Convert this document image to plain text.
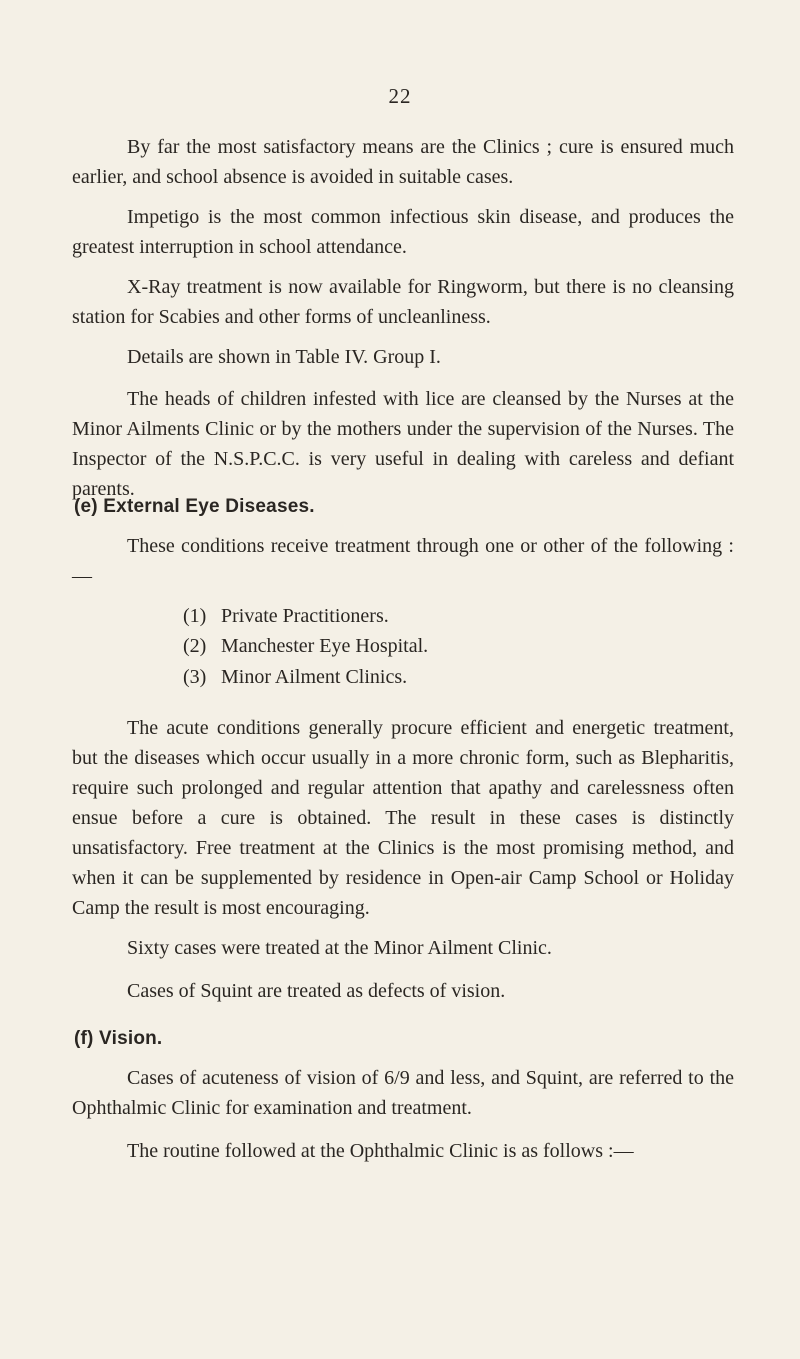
22

By far the most satisfactory means are the Clinics ; cure is ensured much earlier, and school absence is avoided in suitable cases.

Impetigo is the most common infectious skin disease, and produces the greatest interruption in school attendance.

X-Ray treatment is now available for Ringworm, but there is no cleansing station for Scabies and other forms of uncleanliness.

Details are shown in Table IV. Group I.

The heads of children infested with lice are cleansed by the Nurses at the Minor Ailments Clinic or by the mothers under the supervision of the Nurses. The Inspector of the N.S.P.C.C. is very useful in dealing with careless and defiant parents.

(e) External Eye Diseases.

These conditions receive treatment through one or other of the following :—

(1) Private Practitioners.

(2) Manchester Eye Hospital.

(3) Minor Ailment Clinics.

The acute conditions generally procure efficient and energetic treatment, but the diseases which occur usually in a more chronic form, such as Blepharitis, require such prolonged and regular attention that apathy and carelessness often ensue before a cure is obtained. The result in these cases is distinctly unsatisfactory. Free treatment at the Clinics is the most promising method, and when it can be supplemented by residence in Open-air Camp School or Holiday Camp the result is most encouraging.

Sixty cases were treated at the Minor Ailment Clinic.

Cases of Squint are treated as defects of vision.

(f) Vision.

Cases of acuteness of vision of 6/9 and less, and Squint, are referred to the Ophthalmic Clinic for examination and treatment.

The routine followed at the Ophthalmic Clinic is as follows :—
